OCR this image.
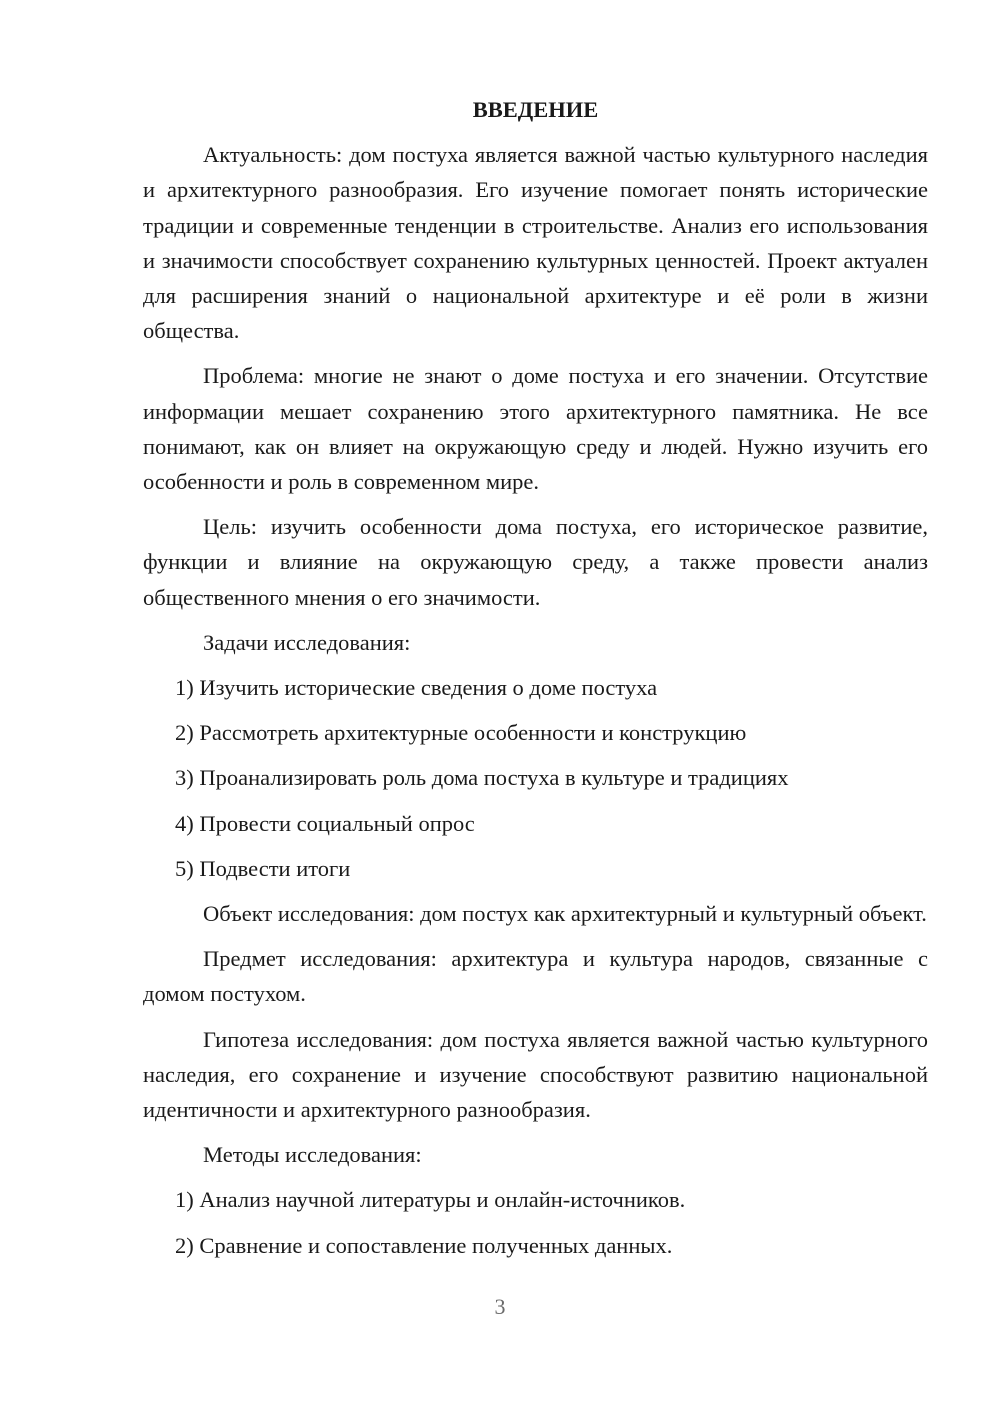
ВВЕДЕНИЕ

Актуальность: дом постуха является важной частью культурного наследия и архитектурного разнообразия. Его изучение помогает понять исторические традиции и современные тенденции в строительстве. Анализ его использования и значимости способствует сохранению культурных ценностей. Проект актуален для расширения знаний о национальной архитектуре и её роли в жизни общества.

Проблема: многие не знают о доме постуха и его значении. Отсутствие информации мешает сохранению этого архитектурного памятника. Не все понимают, как он влияет на окружающую среду и людей. Нужно изучить его особенности и роль в современном мире.

Цель: изучить особенности дома постуха, его историческое развитие, функции и влияние на окружающую среду, а также провести анализ общественного мнения о его значимости.

Задачи исследования:

1) Изучить исторические сведения о доме постуха

2) Рассмотреть архитектурные особенности и конструкцию

3) Проанализировать роль дома постуха в культуре и традициях

4) Провести социальный опрос

5) Подвести итоги

Объект исследования: дом постух как архитектурный и культурный объект.

Предмет исследования: архитектура и культура народов, связанные с домом постухом.

Гипотеза исследования: дом постуха является важной частью культурного наследия, его сохранение и изучение способствуют развитию национальной идентичности и архитектурного разнообразия.

Методы исследования:

1) Анализ научной литературы и онлайн-источников.

2) Сравнение и сопоставление полученных данных.

3
